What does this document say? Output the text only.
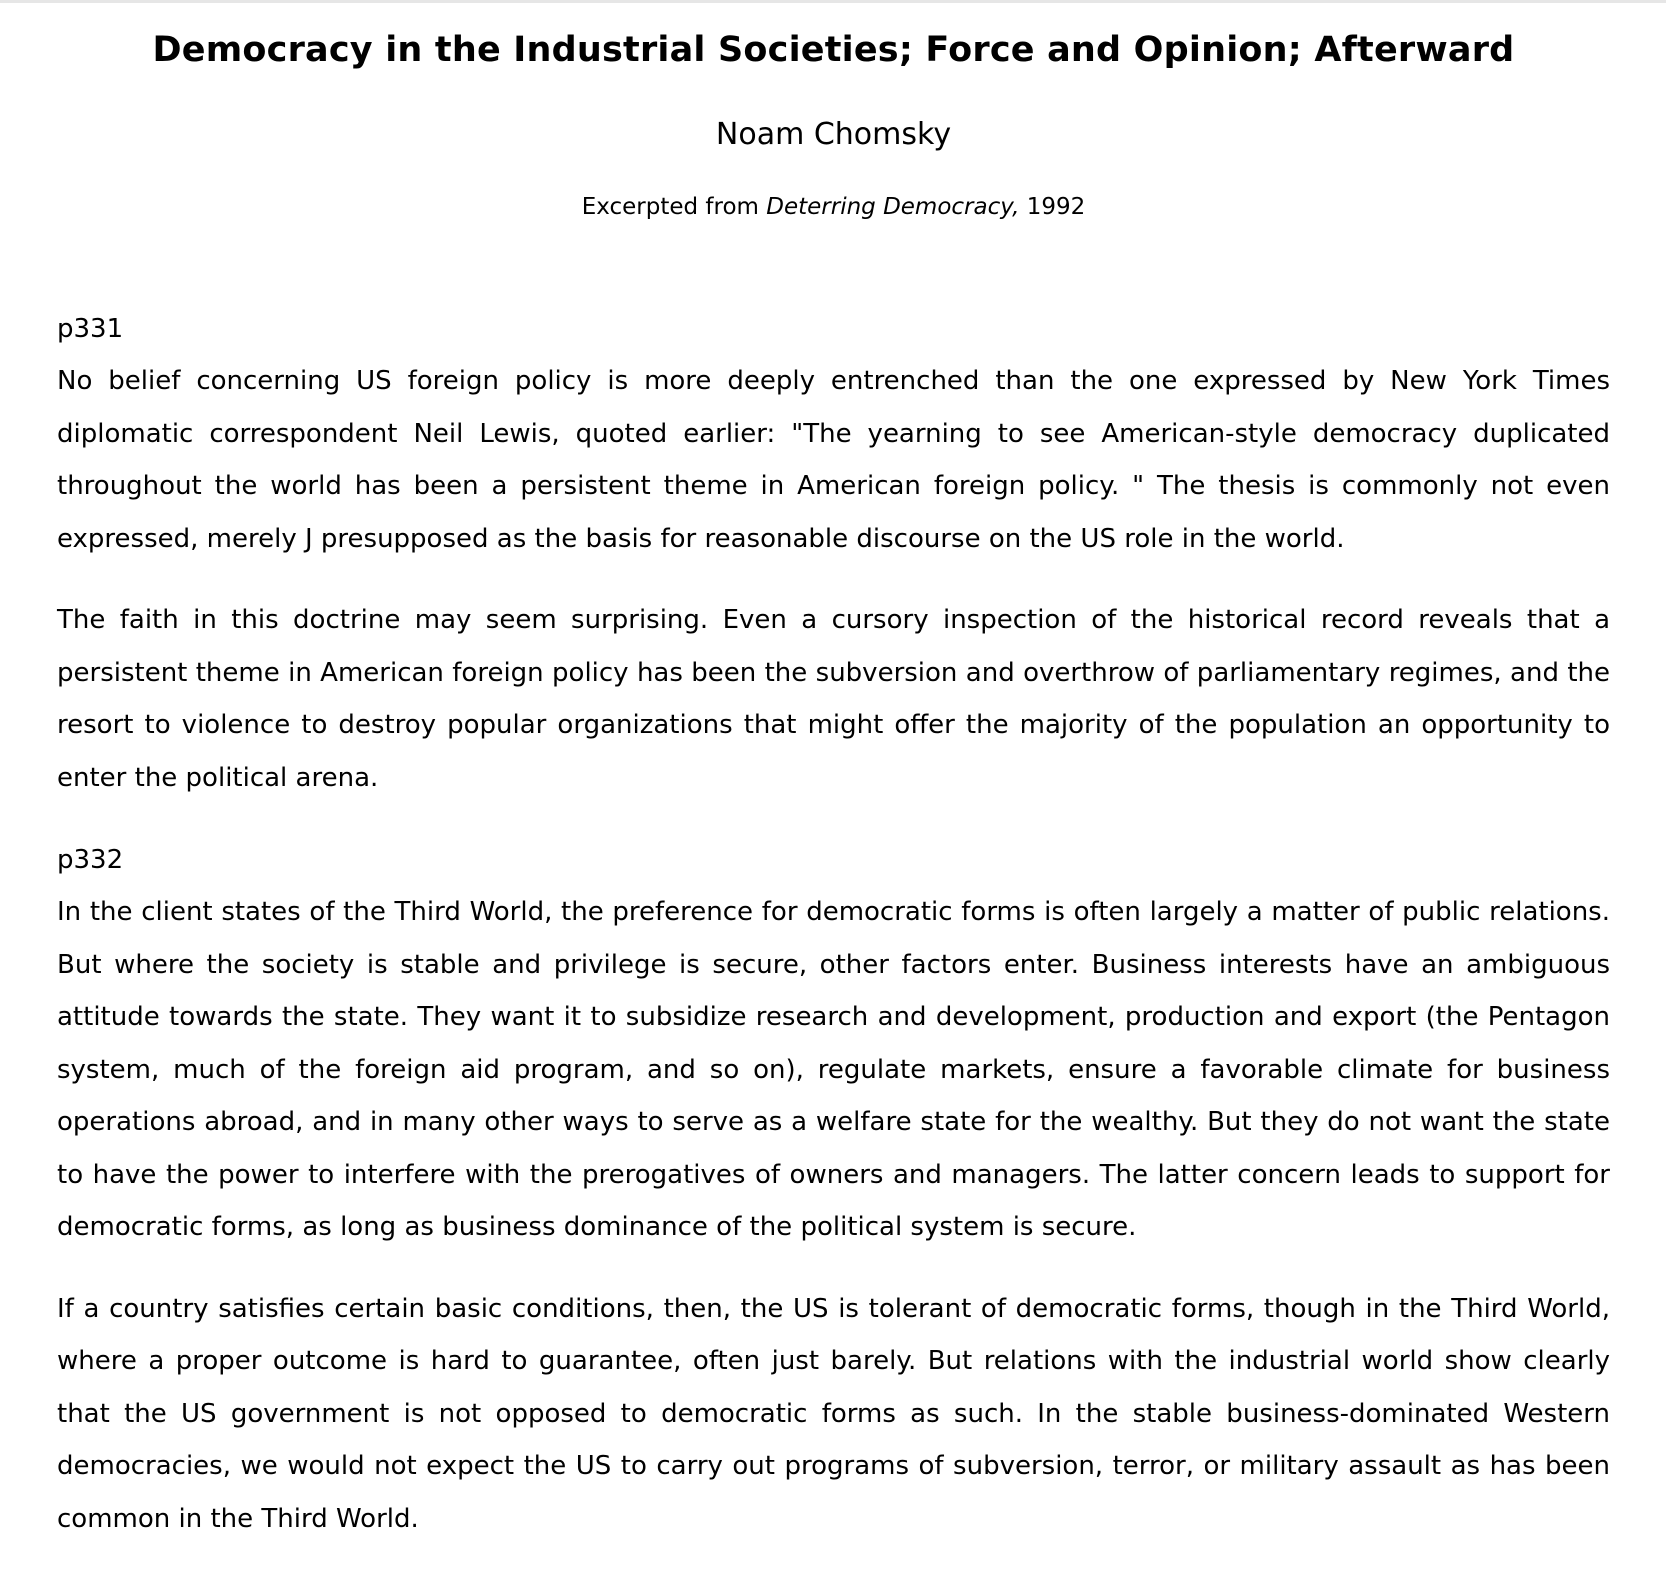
Democracy in the Industrial Societies; Force and Opinion; Afterward
Noam Chomsky
Excerpted from Deterring Democracy, 1992
p331

No belief concerning US foreign policy is more deeply entrenched than the one expressed by New York Times diplomatic correspondent Neil Lewis, quoted earlier: "The yearning to see American-style democracy duplicated throughout the world has been a persistent theme in American foreign policy. " The thesis is commonly not even expressed, merely J presupposed as the basis for reasonable discourse on the US role in the world.

The faith in this doctrine may seem surprising. Even a cursory inspection of the historical record reveals that a persistent theme in American foreign policy has been the subversion and overthrow of parliamentary regimes, and the resort to violence to destroy popular organizations that might offer the majority of the population an opportunity to enter the political arena.

p332

In the client states of the Third World, the preference for democratic forms is often largely a matter of public relations. But where the society is stable and privilege is secure, other factors enter. Business interests have an ambiguous attitude towards the state. They want it to subsidize research and development, production and export (the Pentagon system, much of the foreign aid program, and so on), regulate markets, ensure a favorable climate for business operations abroad, and in many other ways to serve as a welfare state for the wealthy. But they do not want the state to have the power to interfere with the prerogatives of owners and managers. The latter concern leads to support for democratic forms, as long as business dominance of the political system is secure.

If a country satisfies certain basic conditions, then, the US is tolerant of democratic forms, though in the Third World, where a proper outcome is hard to guarantee, often just barely. But relations with the industrial world show clearly that the US government is not opposed to democratic forms as such. In the stable business-dominated Western democracies, we would not expect the US to carry out programs of subversion, terror, or military assault as has been common in the Third World.
